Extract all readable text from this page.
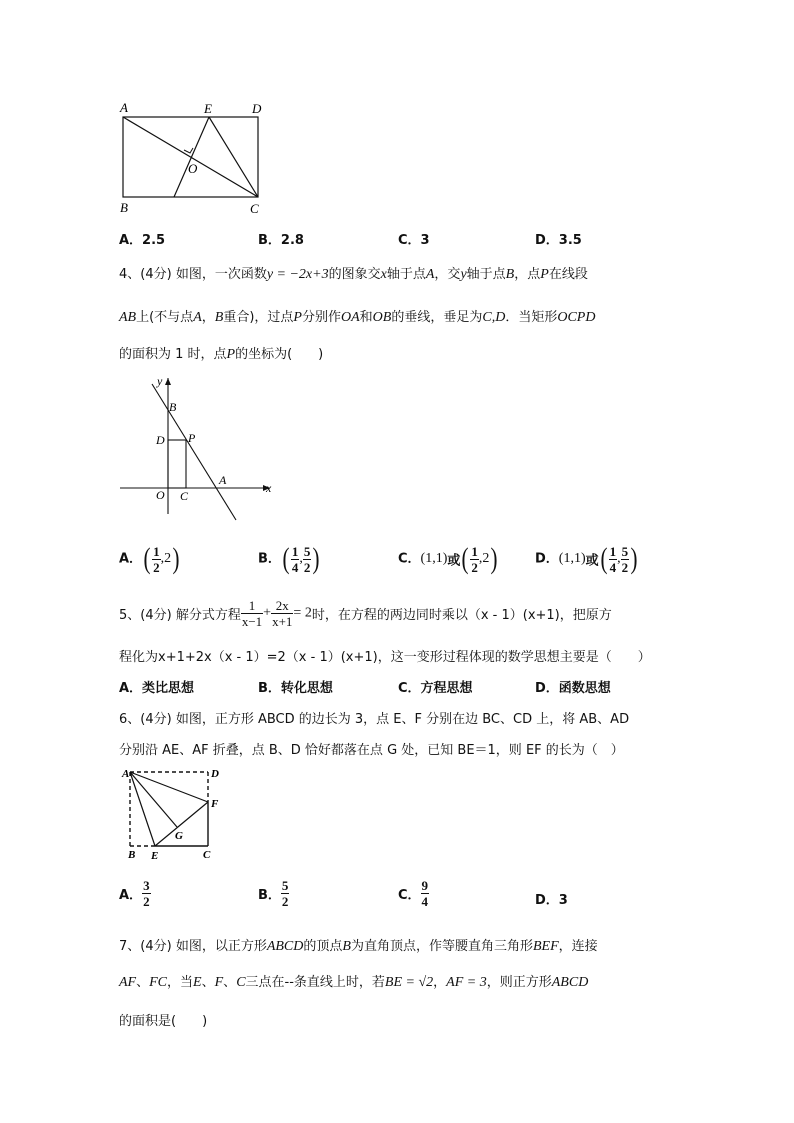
A	E	D
O
B	C
A．2.5	B．2.8	C．3	D．3.5
4、(4分) 如图，一次函数y = −2x+3的图象交x轴于点A，交y轴于点B，点P在线段
AB上(不与点A，B重合)，过点P分别作OA和OB的垂线，垂足为C,D．当矩形OCPD
的面积为 1 时，点P的坐标为(　　)
y
B
D P
O C
A
x
A．( $\frac{1}{2} ,2$)	B．( $\frac{1}{4}$ , $\frac{5}{2}$ )	C．(1,1)或( $\frac{1}{2} ,2$)	D．(1,1)或( $\frac{1}{4}$ , $\frac{5}{2}$ )
5、(4分) 解分式方程 $\frac{1}{x-1} + \frac{2x}{x+1} = 2$时，在方程的两边同时乘以（x - 1）(x+1)，把原方
程化为x+1+2x（x - 1）=2（x - 1）(x+1)，这一变形过程体现的数学思想主要是（　　）
A．类比思想	B．转化思想	C．方程思想	D．函数思想
6、(4分) 如图，正方形 ABCD 的边长为 3，点 E、F 分别在边 BC、CD 上，将 AB、AD
分别沿 AE、AF 折叠，点 B、D 恰好都落在点 G 处，已知 BE＝1，则 EF 的长为（　）
A	D
F
G
B E	C
A． $\frac{3}{2}$	B． $\frac{5}{2}$	C． $\frac{9}{4}$	D．3
7、(4分) 如图，以正方形ABCD的顶点B为直角顶点，作等腰直角三角形BEF，连接
AF、FC，当E、F、C三点在--条直线上时，若BE = √2，AF = 3，则正方形ABCD
的面积是(　　)
